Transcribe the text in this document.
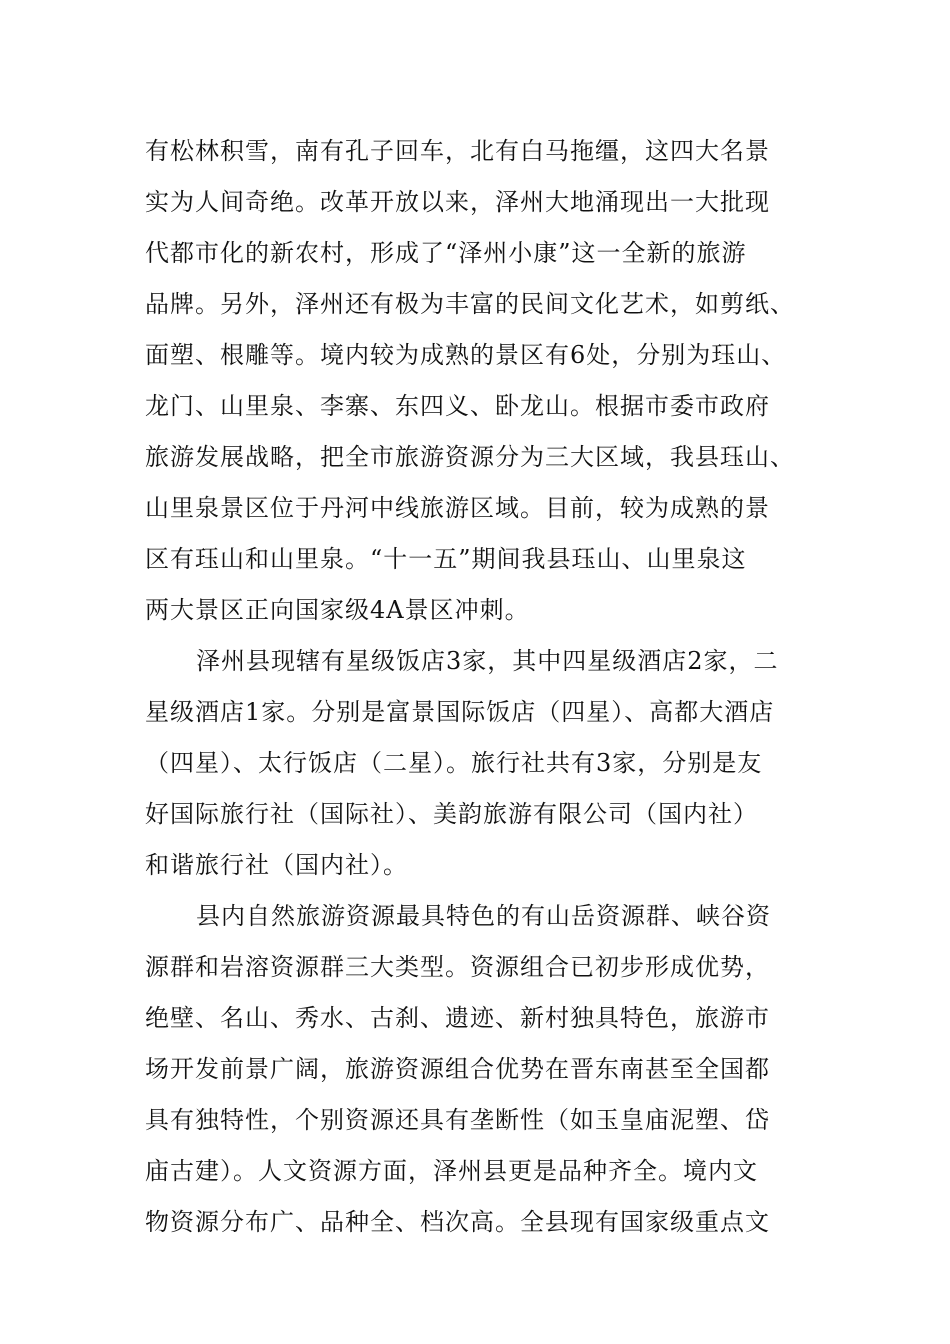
有松林积雪，南有孔子回车，北有白马拖缰，这四大名景
实为人间奇绝。改革开放以来，泽州大地涌现出一大批现
代都市化的新农村，形成了“泽州小康”这一全新的旅游
品牌。另外，泽州还有极为丰富的民间文化艺术，如剪纸、
面塑、根雕等。境内较为成熟的景区有6处，分别为珏山、
龙门、山里泉、李寨、东四义、卧龙山。根据市委市政府
旅游发展战略，把全市旅游资源分为三大区域，我县珏山、
山里泉景区位于丹河中线旅游区域。目前，较为成熟的景
区有珏山和山里泉。“十一五”期间我县珏山、山里泉这
两大景区正向国家级4A景区冲刺。
泽州县现辖有星级饭店3家，其中四星级酒店2家，二
星级酒店1家。分别是富景国际饭店（四星）、高都大酒店
（四星）、太行饭店（二星）。旅行社共有3家，分别是友
好国际旅行社（国际社）、美韵旅游有限公司（国内社）
和谐旅行社（国内社）。
县内自然旅游资源最具特色的有山岳资源群、峡谷资
源群和岩溶资源群三大类型。资源组合已初步形成优势，
绝壁、名山、秀水、古刹、遗迹、新村独具特色，旅游市
场开发前景广阔，旅游资源组合优势在晋东南甚至全国都
具有独特性，个别资源还具有垄断性（如玉皇庙泥塑、岱
庙古建）。人文资源方面，泽州县更是品种齐全。境内文
物资源分布广、品种全、档次高。全县现有国家级重点文
